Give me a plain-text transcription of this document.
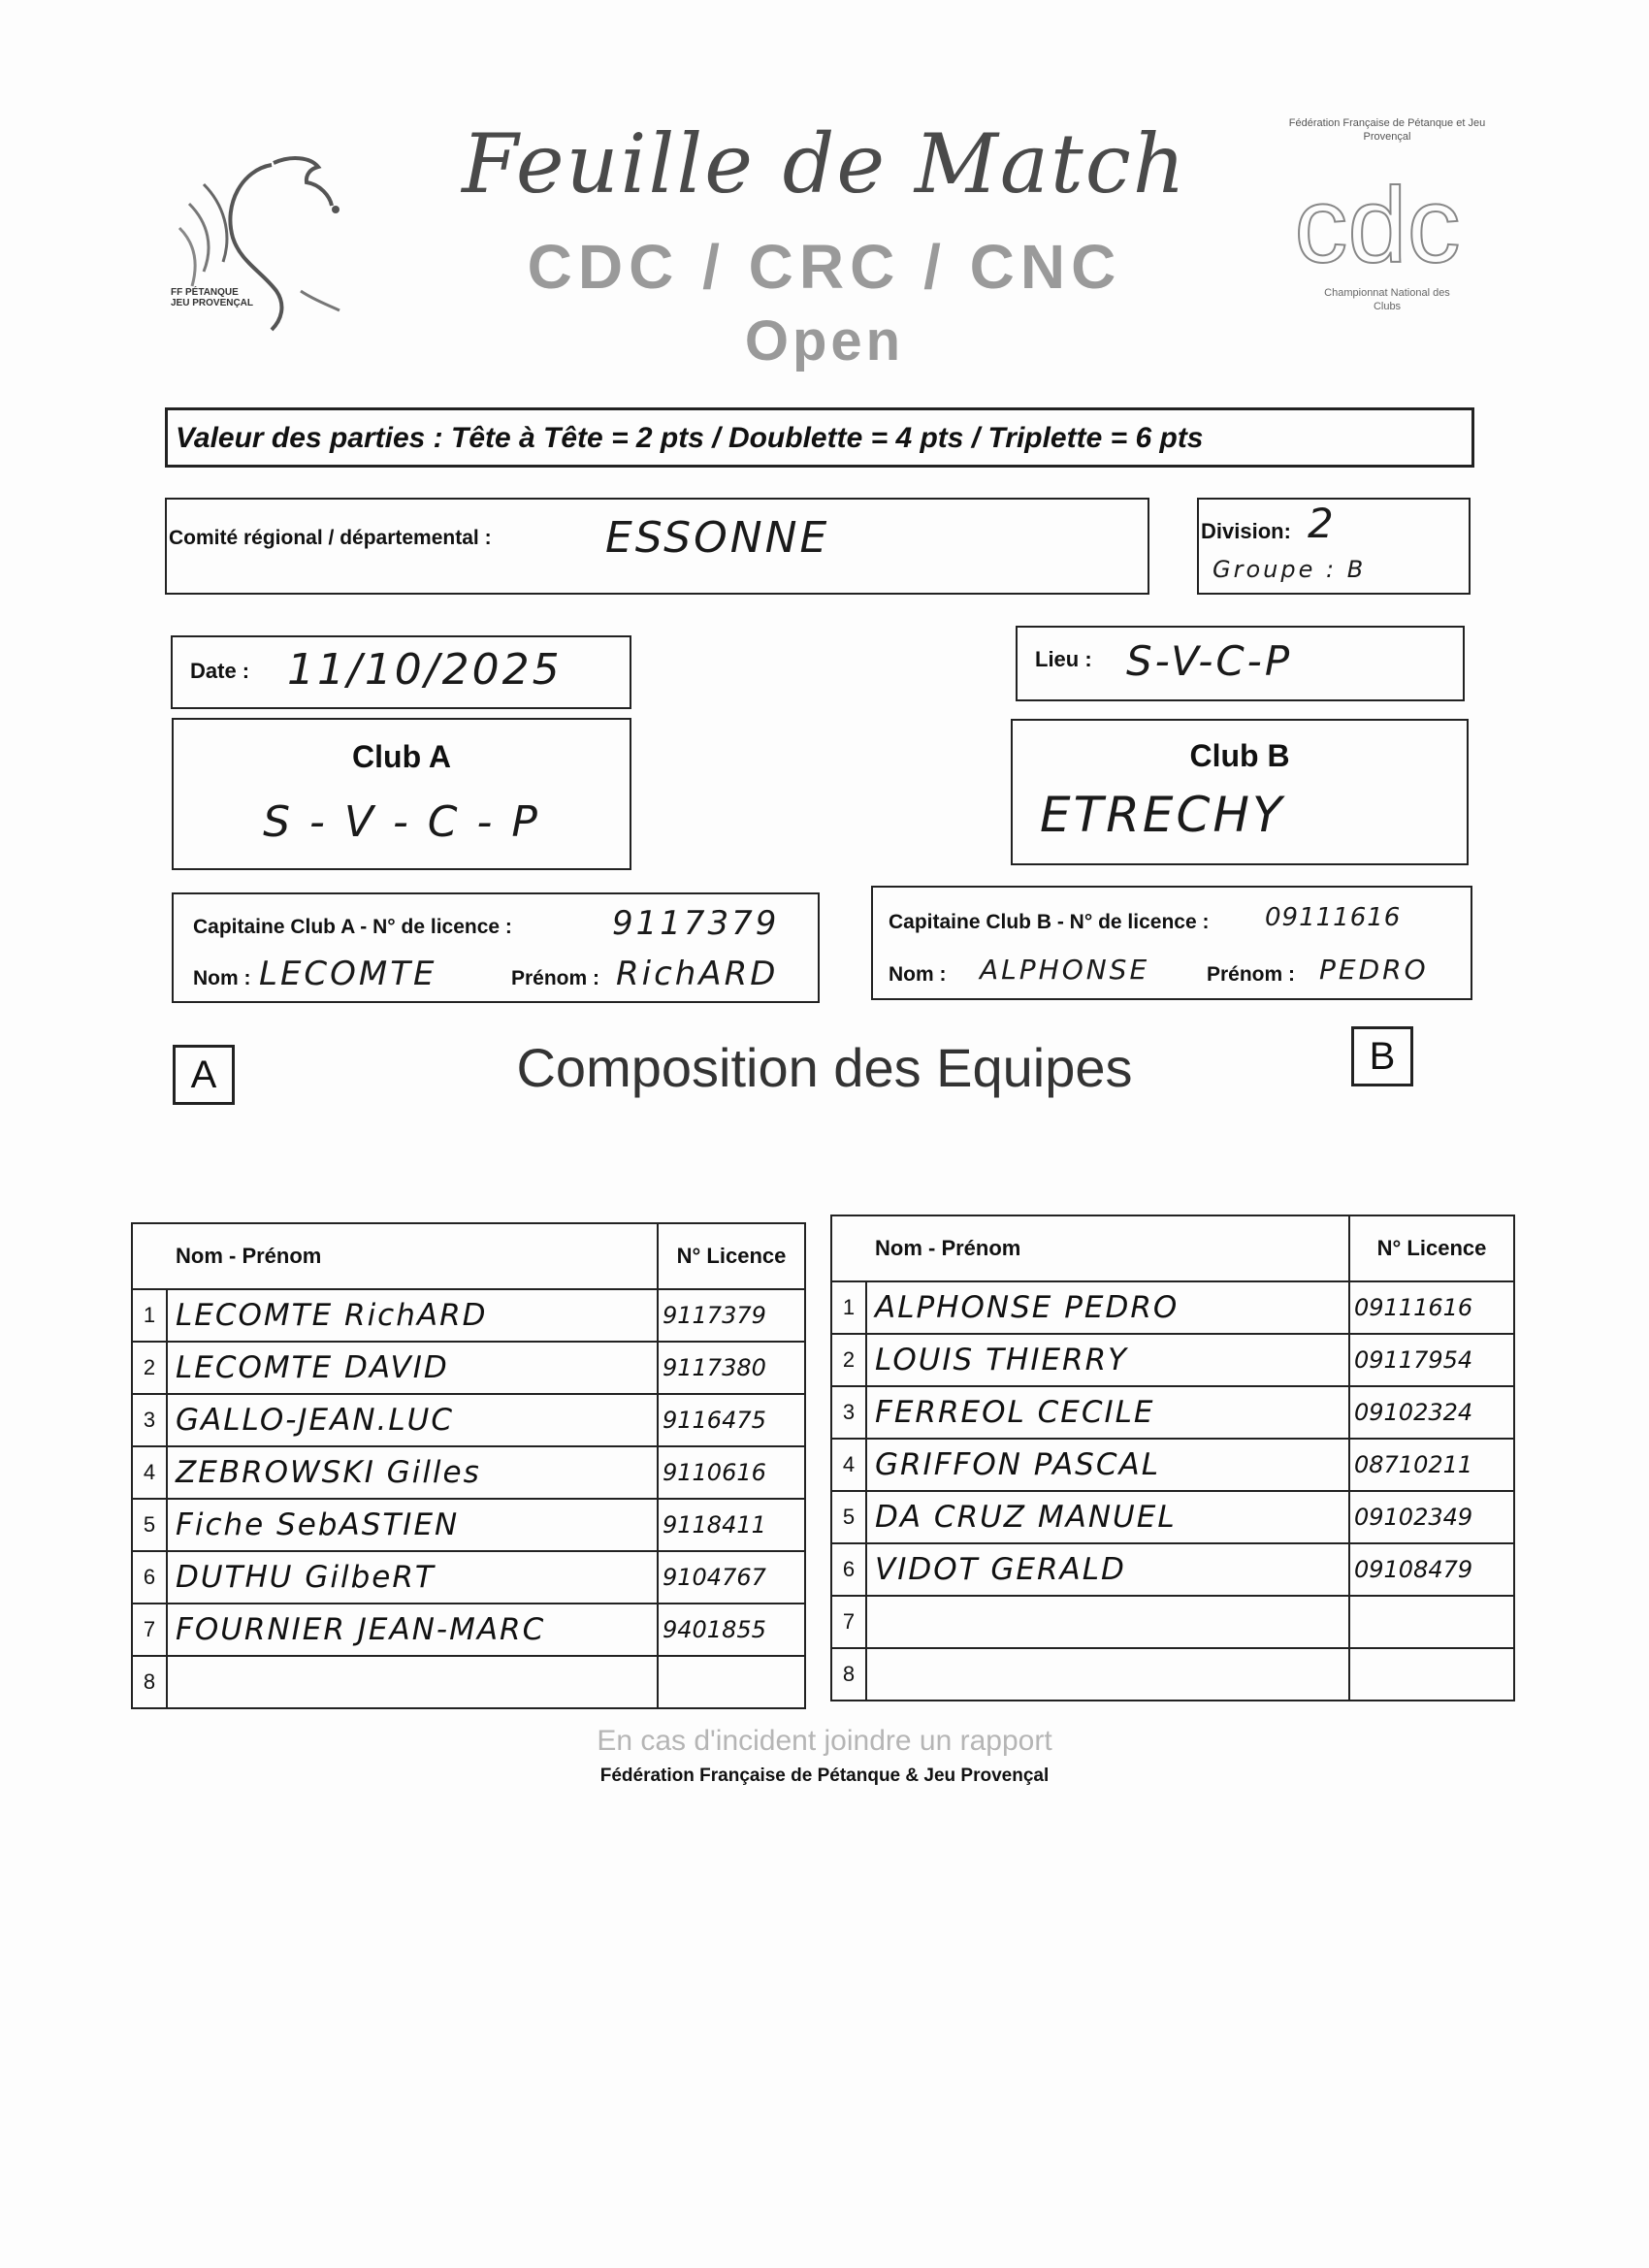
FF PÉTANQUE JEU PROVENÇAL
Fédération Française de Pétanque et Jeu Provençal
cdc
Championnat National des Clubs
Feuille de Match
CDC / CRC / CNC
Open
Valeur des parties : Tête à Tête = 2 pts / Doublette = 4 pts / Triplette = 6 pts
Comité régional / départemental :	ESSONNE	Division: 2
Groupe : B
Date : 11/10/2025	Lieu : S-V-C-P
Club A
S - V - C - P
Club B
ETRECHY
Capitaine Club A - N° de licence :	9117379
Nom : LECOMTE	Prénom : RichARD
Capitaine Club B - N° de licence : 09111616
Nom : ALPHONSE	Prénom : PEDRO
A	Composition des Equipes	B
Nom - Prénom		N° Licence
1	LECOMTE RichARD	9117379
2	LECOMTE DAVID	9117380
3	GALLO-JEAN.LUC	9116475
4	ZEBROWSKI Gilles	9110616
5	Fiche SebASTIEN	9118411
6	DUTHU GilbeRT	9104767
7	FOURNIER JEAN-MARC	9401855
8		
Nom - Prénom		N° Licence
1	ALPHONSE PEDRO	09111616
2	LOUIS THIERRY	09117954
3	FERREOL CECILE	09102324
4	GRIFFON PASCAL	08710211
5	DA CRUZ MANUEL	09102349
6	VIDOT GERALD	09108479
7		
8		
En cas d'incident joindre un rapport
Fédération Française de Pétanque & Jeu Provençal
